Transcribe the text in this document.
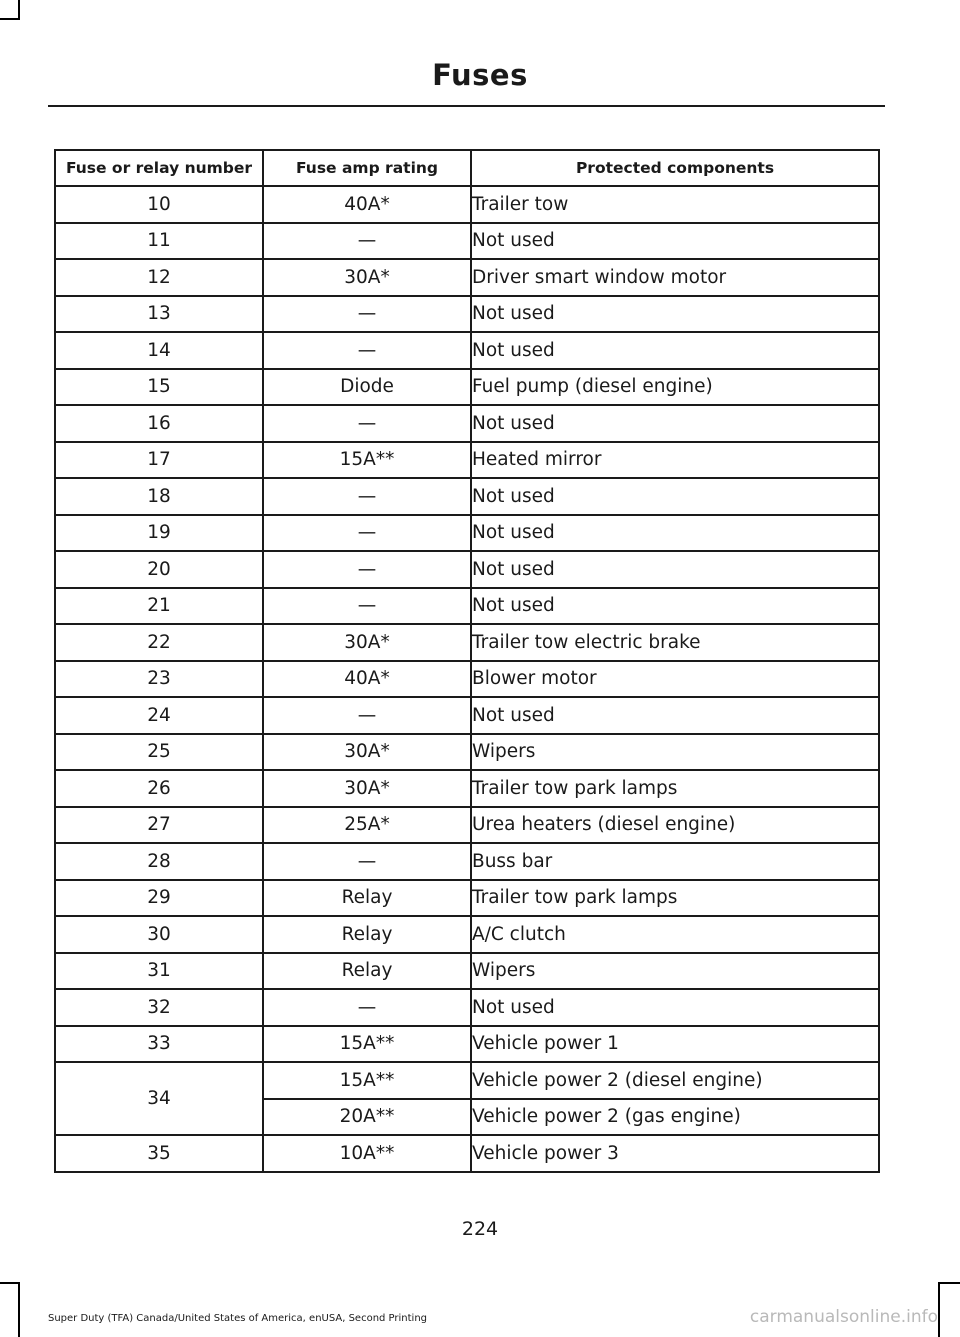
Fuses
Fuse or relay number	Fuse amp rating	Protected components
10	40A*	Trailer tow
11	—	Not used
12	30A*	Driver smart window motor
13	—	Not used
14	—	Not used
15	Diode	Fuel pump (diesel engine)
16	—	Not used
17	15A**	Heated mirror
18	—	Not used
19	—	Not used
20	—	Not used
21	—	Not used
22	30A*	Trailer tow electric brake
23	40A*	Blower motor
24	—	Not used
25	30A*	Wipers
26	30A*	Trailer tow park lamps
27	25A*	Urea heaters (diesel engine)
28	—	Buss bar
29	Relay	Trailer tow park lamps
30	Relay	A/C clutch
31	Relay	Wipers
32	—	Not used
33	15A**	Vehicle power 1
34	15A**	Vehicle power 2 (diesel engine)
	20A**	Vehicle power 2 (gas engine)
35	10A**	Vehicle power 3
224
Super Duty (TFA) Canada/United States of America, enUSA, Second Printing	carmanualsonline.info
